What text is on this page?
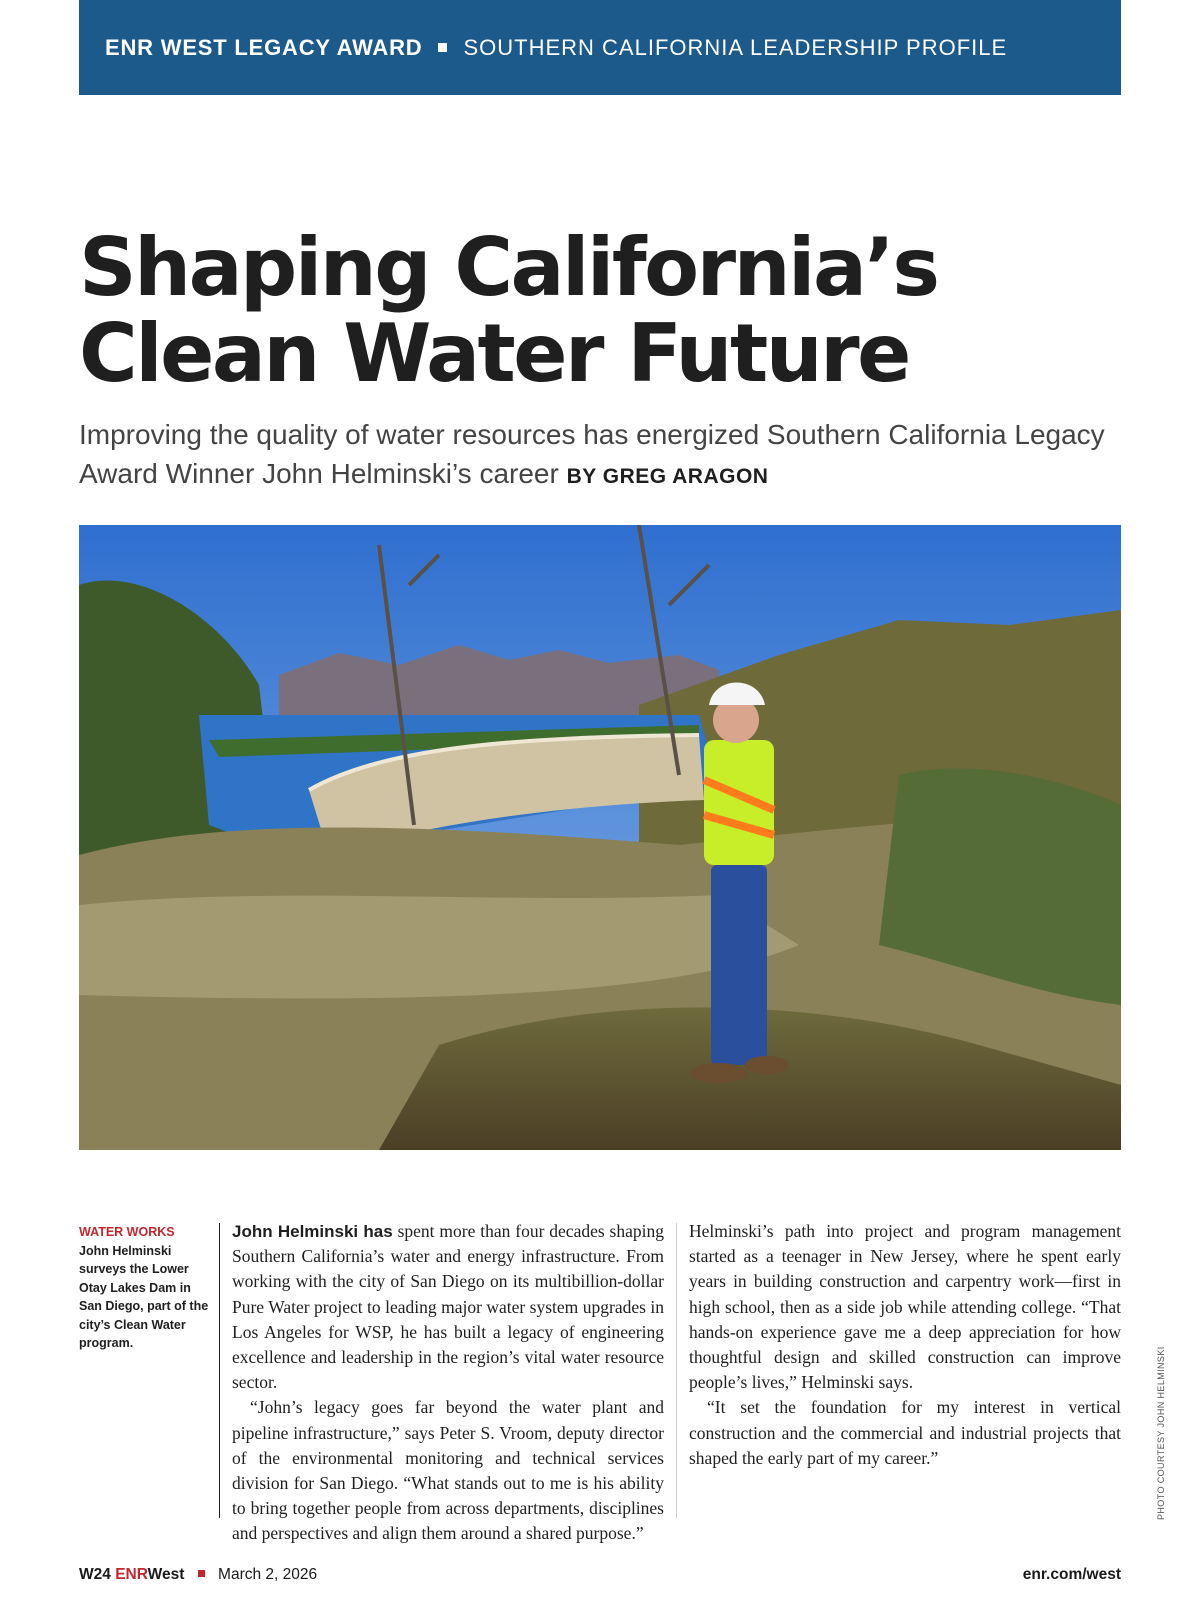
ENR WEST LEGACY AWARD SOUTHERN CALIFORNIA LEADERSHIP PROFILE
Shaping California’s
Clean Water Future
Improving the quality of water resources has energized Southern California Legacy Award Winner John Helminski’s career BY GREG ARAGON
PHOTO COURTESY JOHN HELMINSKI
WATER WORKS
John Helminski surveys the Lower Otay Lakes Dam in San Diego, part of the city’s Clean Water program.

John Helminski has spent more than four decades shaping Southern California’s water and energy infrastructure. From working with the city of San Diego on its multibillion-dollar Pure Water project to leading major water system upgrades in Los Angeles for WSP, he has built a legacy of engineering excellence and leadership in the region’s vital water resource sector.

“John’s legacy goes far beyond the water plant and pipeline infrastructure,” says Peter S. Vroom, deputy director of the environmental monitoring and technical services division for San Diego. “What stands out to me is his ability to bring together people from across departments, disciplines and perspectives and align them around a shared purpose.”

Helminski’s path into project and program management started as a teenager in New Jersey, where he spent early years in building construction and carpentry work—first in high school, then as a side job while attending college. “That hands-on experience gave me a deep appreciation for how thoughtful design and skilled construction can improve people’s lives,” Helminski says.

“It set the foundation for my interest in vertical construction and the commercial and industrial projects that shaped the early part of my career.”

W24 ENRWest March 2, 2026	enr.com/west
